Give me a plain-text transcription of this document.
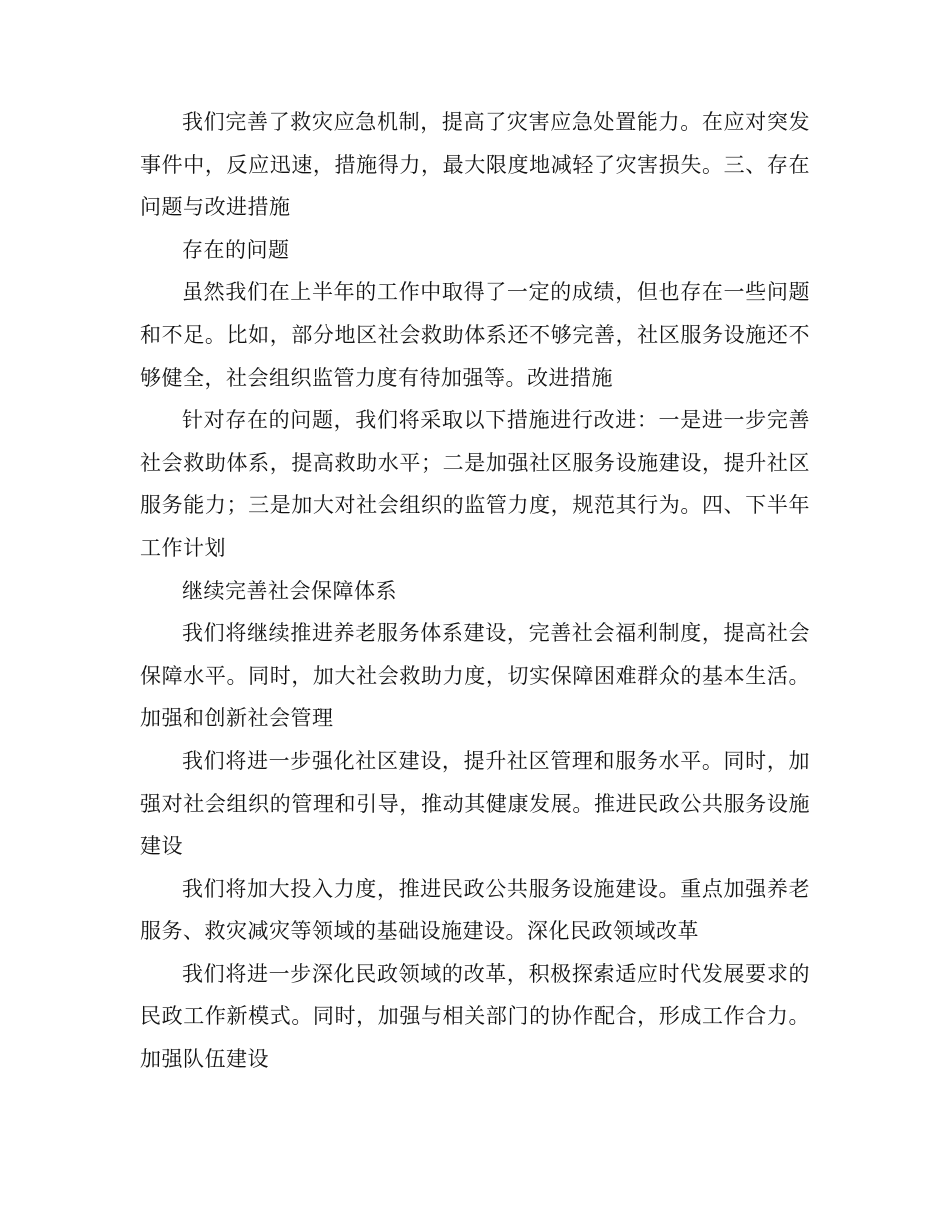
我们完善了救灾应急机制，提高了灾害应急处置能力。在应对突发事件中，反应迅速，措施得力，最大限度地减轻了灾害损失。三、存在问题与改进措施

存在的问题

虽然我们在上半年的工作中取得了一定的成绩，但也存在一些问题和不足。比如，部分地区社会救助体系还不够完善，社区服务设施还不够健全，社会组织监管力度有待加强等。改进措施

针对存在的问题，我们将采取以下措施进行改进：一是进一步完善社会救助体系，提高救助水平；二是加强社区服务设施建设，提升社区服务能力；三是加大对社会组织的监管力度，规范其行为。四、下半年工作计划

继续完善社会保障体系

我们将继续推进养老服务体系建设，完善社会福利制度，提高社会保障水平。同时，加大社会救助力度，切实保障困难群众的基本生活。加强和创新社会管理

我们将进一步强化社区建设，提升社区管理和服务水平。同时，加强对社会组织的管理和引导，推动其健康发展。推进民政公共服务设施建设

我们将加大投入力度，推进民政公共服务设施建设。重点加强养老服务、救灾减灾等领域的基础设施建设。深化民政领域改革

我们将进一步深化民政领域的改革，积极探索适应时代发展要求的民政工作新模式。同时，加强与相关部门的协作配合，形成工作合力。加强队伍建设
